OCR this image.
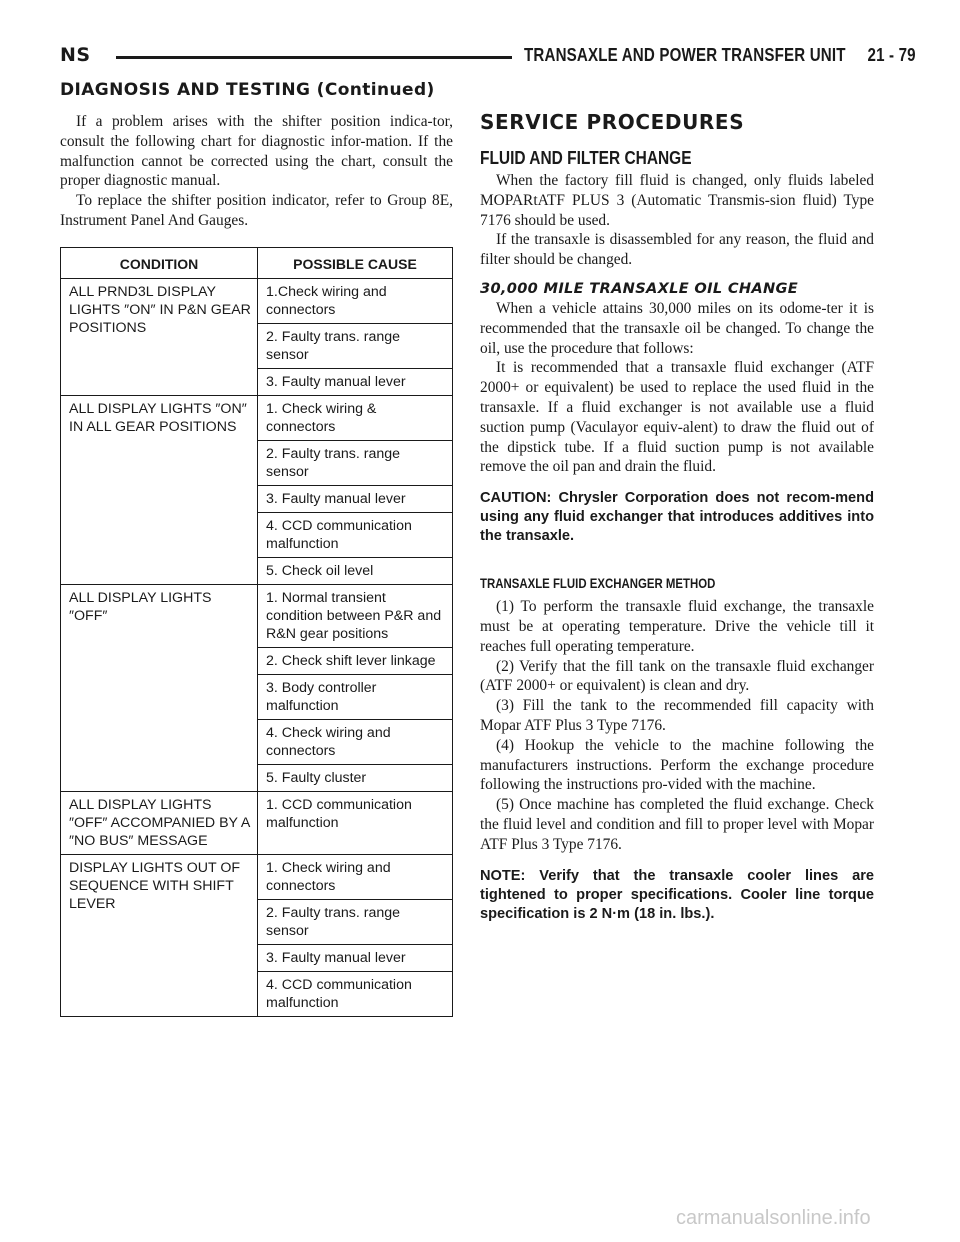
NS	TRANSAXLE AND POWER TRANSFER UNIT     21 - 79
DIAGNOSIS AND TESTING (Continued)

If a problem arises with the shifter position indica-tor, consult the following chart for diagnostic infor-mation. If the malfunction cannot be corrected using the chart, consult the proper diagnostic manual.

To replace the shifter position indicator, refer to Group 8E, Instrument Panel And Gauges.

CONDITION	POSSIBLE CAUSE
ALL PRND3L DISPLAY LIGHTS ″ON″ IN P&N GEAR POSITIONS	1.Check wiring and connectors
	2. Faulty trans. range sensor
	3. Faulty manual lever
ALL DISPLAY LIGHTS ″ON″ IN ALL GEAR POSITIONS	1. Check wiring & connectors
	2. Faulty trans. range sensor
	3. Faulty manual lever
	4. CCD communication malfunction
	5. Check oil level
ALL DISPLAY LIGHTS ″OFF″	1. Normal transient condition between P&R and R&N gear positions
	2. Check shift lever linkage
	3. Body controller malfunction
	4. Check wiring and connectors
	5. Faulty cluster
ALL DISPLAY LIGHTS ″OFF″ ACCOMPANIED BY A ″NO BUS″ MESSAGE	1. CCD communication malfunction
DISPLAY LIGHTS OUT OF SEQUENCE WITH SHIFT LEVER	1. Check wiring and connectors
	2. Faulty trans. range sensor
	3. Faulty manual lever
	4. CCD communication malfunction
SERVICE PROCEDURES
FLUID AND FILTER CHANGE

When the factory fill fluid is changed, only fluids labeled MOPARtATF PLUS 3 (Automatic Transmis-sion fluid) Type 7176 should be used.

If the transaxle is disassembled for any reason, the fluid and filter should be changed.

30,000 MILE TRANSAXLE OIL CHANGE

When a vehicle attains 30,000 miles on its odome-ter it is recommended that the transaxle oil be changed. To change the oil, use the procedure that follows:

It is recommended that a transaxle fluid exchanger (ATF 2000+ or equivalent) be used to replace the used fluid in the transaxle. If a fluid exchanger is not available use a fluid suction pump (Vaculayor equiv-alent) to draw the fluid out of the dipstick tube. If a fluid suction pump is not available remove the oil pan and drain the fluid.

CAUTION: Chrysler Corporation does not recom-mend using any fluid exchanger that introduces additives into the transaxle.

TRANSAXLE FLUID EXCHANGER METHOD

(1) To perform the transaxle fluid exchange, the transaxle must be at operating temperature. Drive the vehicle till it reaches full operating temperature.

(2) Verify that the fill tank on the transaxle fluid exchanger (ATF 2000+ or equivalent) is clean and dry.

(3) Fill the tank to the recommended fill capacity with Mopar ATF Plus 3 Type 7176.

(4) Hookup the vehicle to the machine following the manufacturers instructions. Perform the exchange procedure following the instructions pro-vided with the machine.

(5) Once machine has completed the fluid exchange. Check the fluid level and condition and fill to proper level with Mopar ATF Plus 3 Type 7176.

NOTE: Verify that the transaxle cooler lines are tightened to proper specifications. Cooler line torque specification is 2 N·m (18 in. lbs.).

carmanualsonline.info
